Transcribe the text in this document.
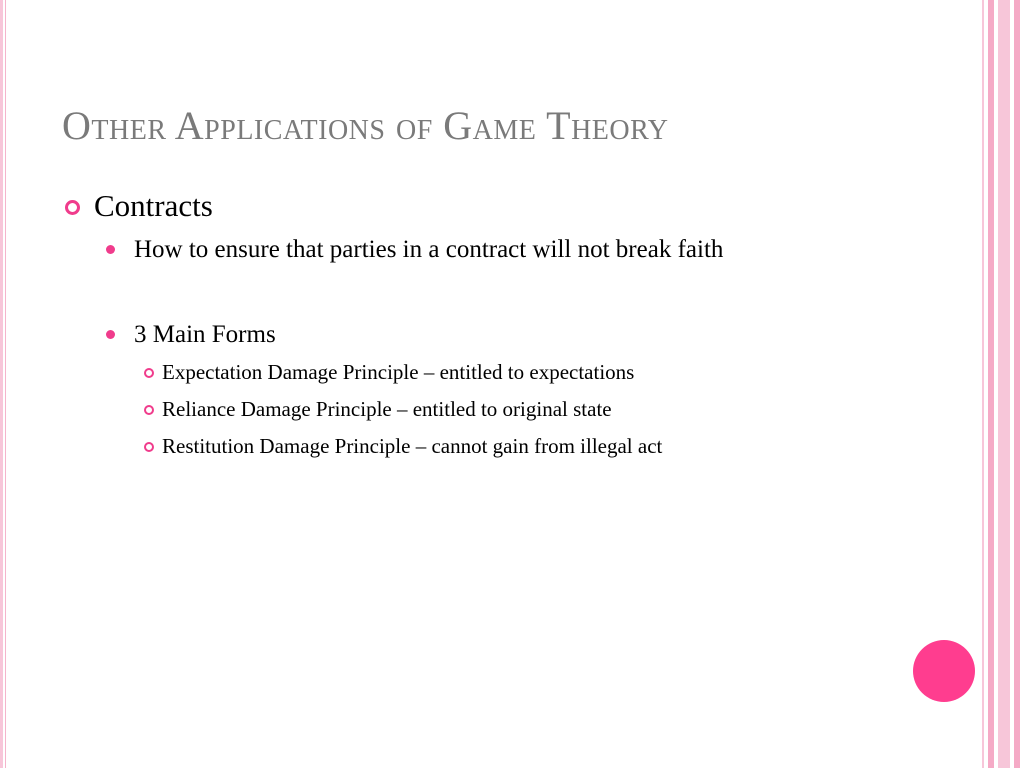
Other Applications of Game Theory
Contracts
How to ensure that parties in a contract will not break faith
3 Main Forms
Expectation Damage Principle – entitled to expectations
Reliance Damage Principle – entitled to original state
Restitution Damage Principle – cannot gain from illegal act
